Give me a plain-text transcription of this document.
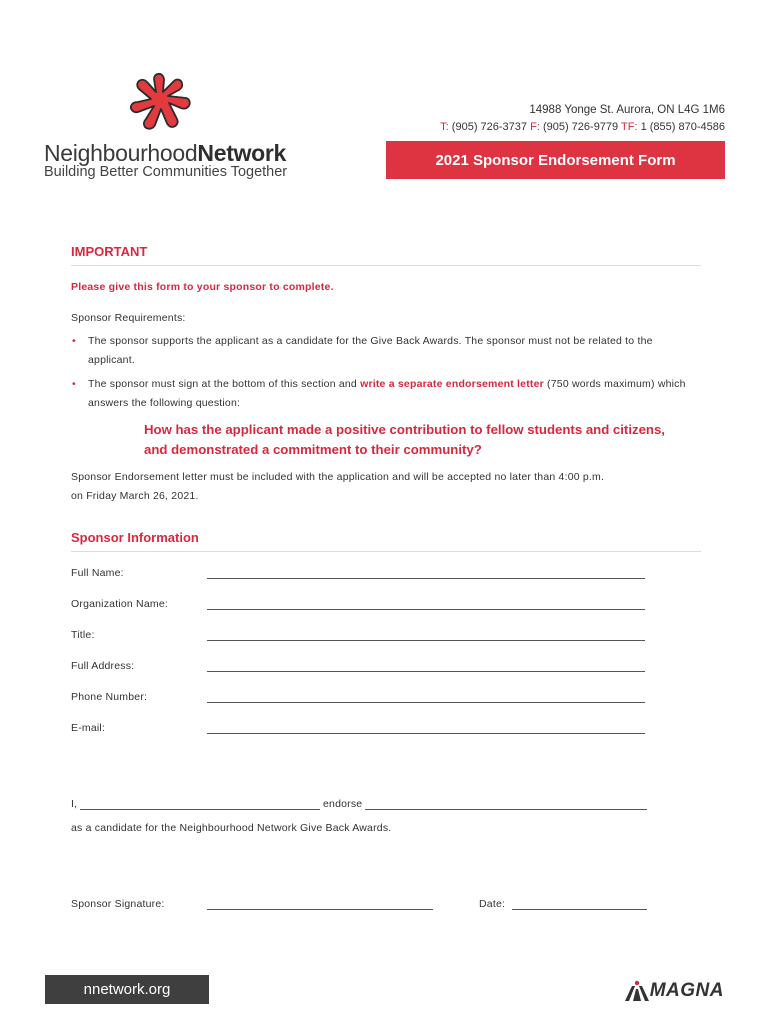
NeighbourhoodNetwork
Building Better Communities Together
14988 Yonge St. Aurora, ON L4G 1M6
T: (905) 726-3737 F: (905) 726-9779 TF: 1 (855) 870-4586
2021 Sponsor Endorsement Form
IMPORTANT
Please give this form to your sponsor to complete.
Sponsor Requirements:
• The sponsor supports the applicant as a candidate for the Give Back Awards. The sponsor must not be related to the applicant.
• The sponsor must sign at the bottom of this section and write a separate endorsement letter (750 words maximum) which answers the following question:
How has the applicant made a positive contribution to fellow students and citizens,
and demonstrated a commitment to their community?
Sponsor Endorsement letter must be included with the application and will be accepted no later than 4:00 p.m.
on Friday March 26, 2021.
Sponsor Information
Full Name:
Organization Name:
Title:
Full Address:
Phone Number:
E-mail:
I,	endorse
as a candidate for the Neighbourhood Network Give Back Awards.
Sponsor Signature:	Date:
nnetwork.org	MAGNA
